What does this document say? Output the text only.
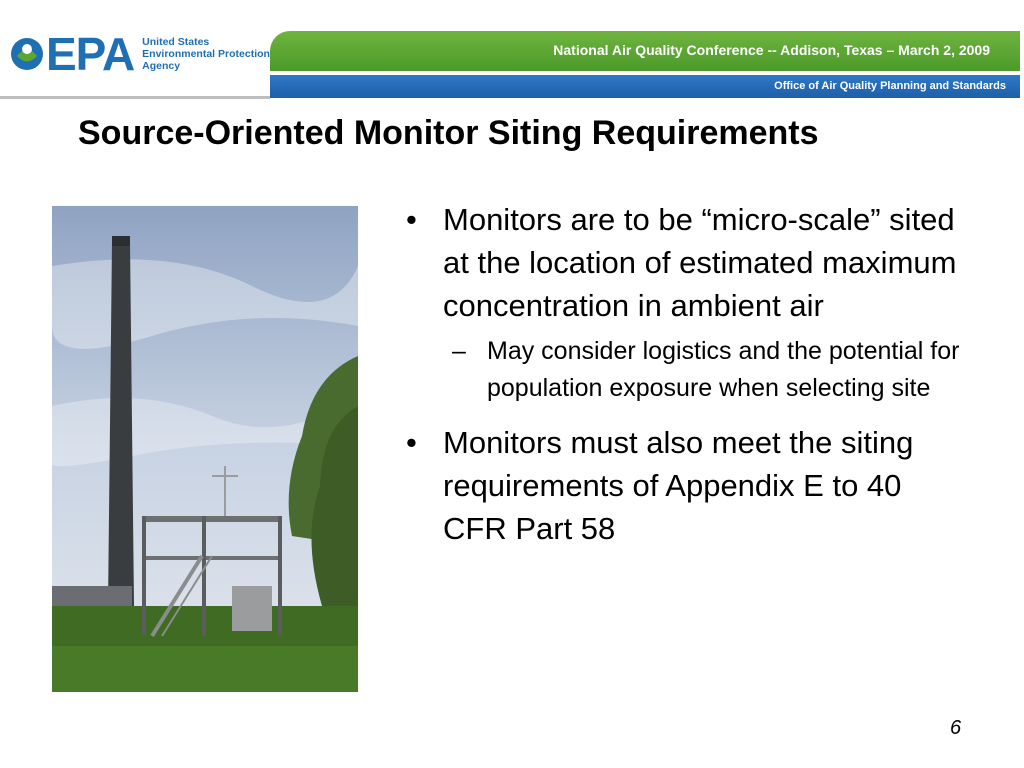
EPA United States
Environmental Protection
Agency
National Air Quality Conference -- Addison, Texas – March 2, 2009
Office of Air Quality Planning and Standards
Source-Oriented Monitor Siting Requirements
• Monitors are to be “micro-scale” sited at the location of estimated maximum concentration in ambient air
– May consider logistics and the potential for population exposure when selecting site
• Monitors must also meet the siting requirements of Appendix E to 40 CFR Part 58
6
